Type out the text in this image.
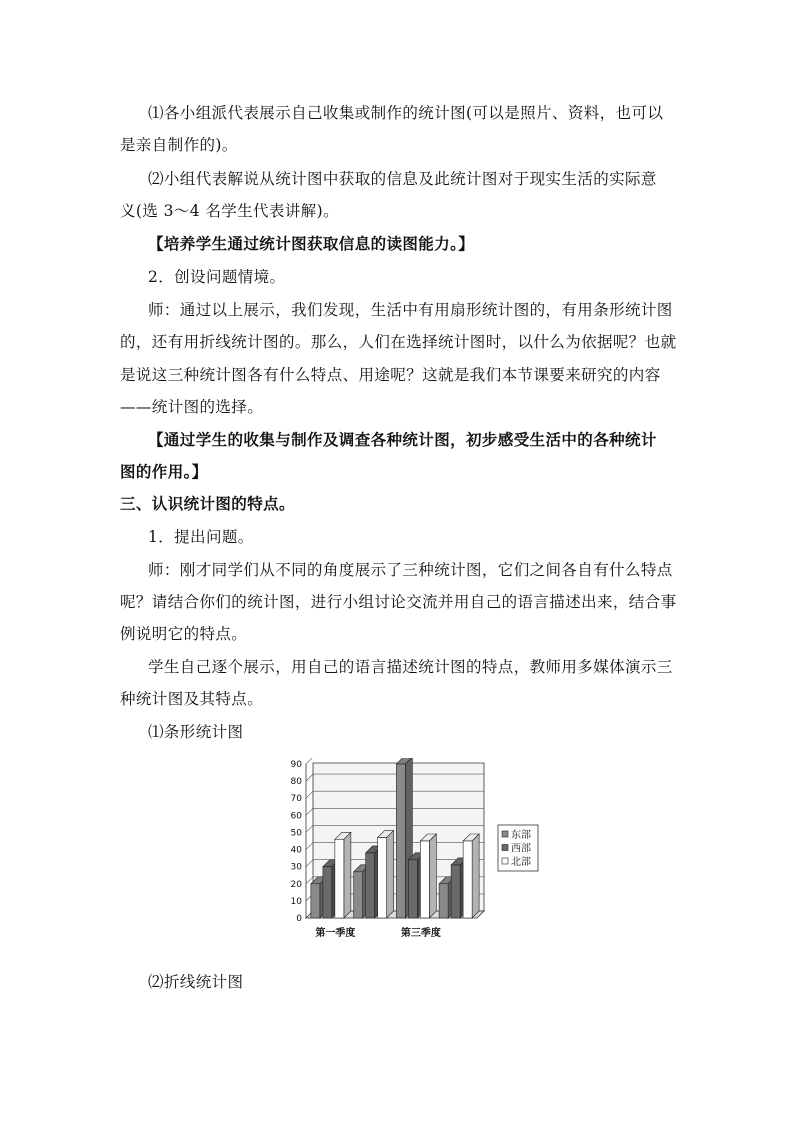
⑴各小组派代表展示自己收集或制作的统计图(可以是照片、资料，也可以
是亲自制作的)。
⑵小组代表解说从统计图中获取的信息及此统计图对于现实生活的实际意
义(选 3～4 名学生代表讲解)。
【培养学生通过统计图获取信息的读图能力。】
2．创设问题情境。
师：通过以上展示，我们发现，生活中有用扇形统计图的，有用条形统计图
的，还有用折线统计图的。那么，人们在选择统计图时，以什么为依据呢？也就
是说这三种统计图各有什么特点、用途呢？这就是我们本节课要来研究的内容
——统计图的选择。
【通过学生的收集与制作及调查各种统计图，初步感受生活中的各种统计
图的作用。】
三、认识统计图的特点。
1．提出问题。
师：刚才同学们从不同的角度展示了三种统计图，它们之间各自有什么特点
呢？请结合你们的统计图，进行小组讨论交流并用自己的语言描述出来，结合事
例说明它的特点。
学生自己逐个展示，用自己的语言描述统计图的特点，教师用多媒体演示三
种统计图及其特点。
⑴条形统计图
0
10
20
30
40
50
60
70
80
90
第一季度	第三季度
东部
西部
北部
⑵折线统计图
